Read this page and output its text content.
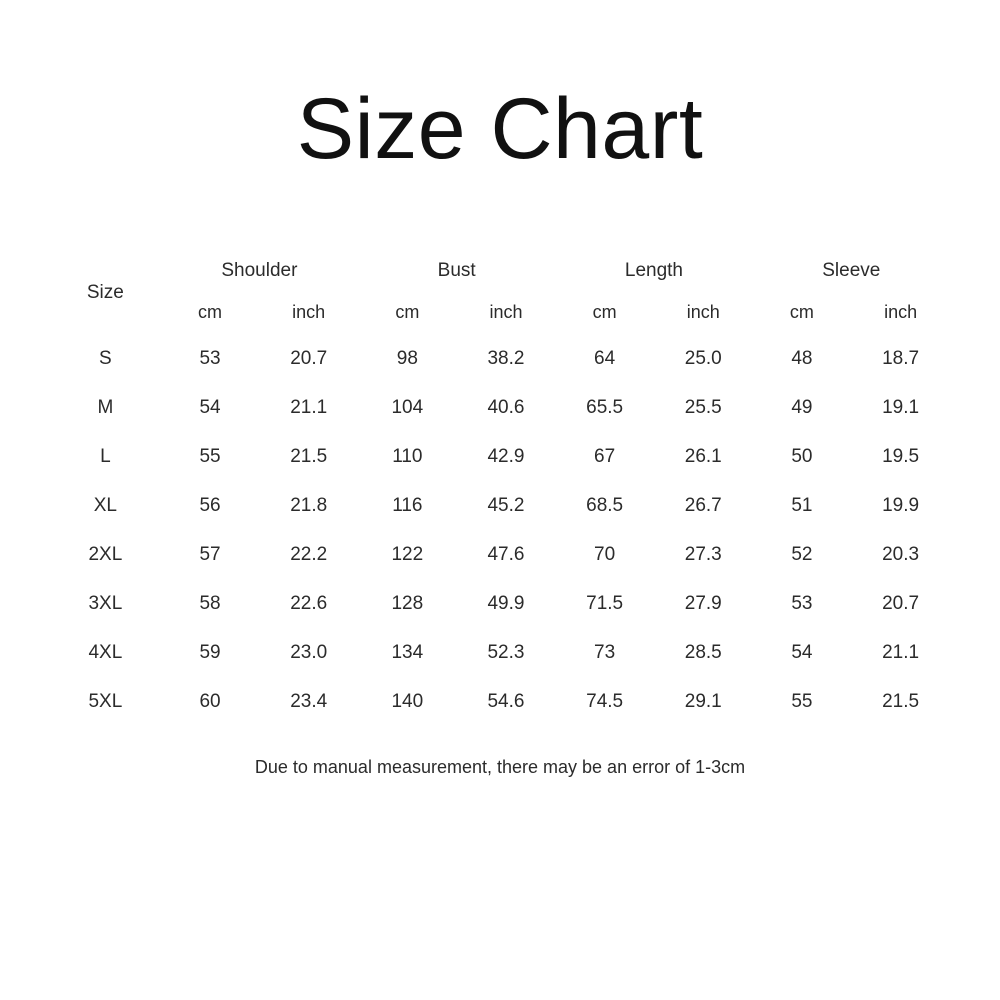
Size Chart
Size	Shoulder		Bust		Length		Sleeve	
	cm	inch	cm	inch	cm	inch	cm	inch
S	53	20.7	98	38.2	64	25.0	48	18.7
M	54	21.1	104	40.6	65.5	25.5	49	19.1
L	55	21.5	110	42.9	67	26.1	50	19.5
XL	56	21.8	116	45.2	68.5	26.7	51	19.9
2XL	57	22.2	122	47.6	70	27.3	52	20.3
3XL	58	22.6	128	49.9	71.5	27.9	53	20.7
4XL	59	23.0	134	52.3	73	28.5	54	21.1
5XL	60	23.4	140	54.6	74.5	29.1	55	21.5
Due to manual measurement, there may be an error of 1-3cm
